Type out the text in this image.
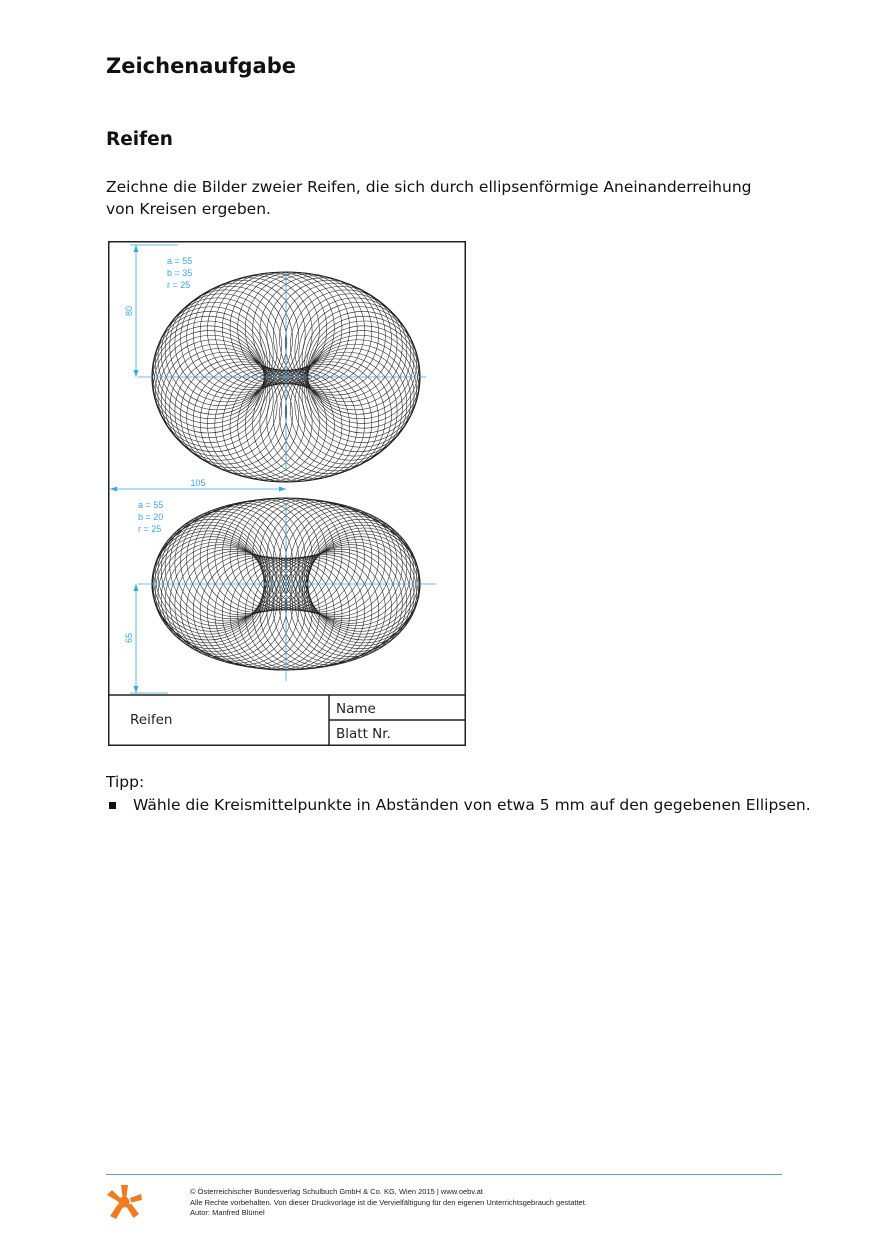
Zeichenaufgabe
Reifen

Zeichne die Bilder zweier Reifen, die sich durch ellipsenförmige Aneinanderreihung von Kreisen ergeben.

80
105
65
a = 55
b = 35
r = 25
a = 55
b = 20
r = 25
Reifen
Name
Blatt Nr.

Tipp:

Wähle die Kreismittelpunkte in Abständen von etwa 5 mm auf den gegebenen Ellipsen.
© Österreichischer Bundesverlag Schulbuch GmbH & Co. KG, Wien 2015 | www.oebv.at
Alle Rechte vorbehalten. Von dieser Druckvorlage ist die Vervielfältigung für den eigenen Unterrichtsgebrauch gestattet.
Autor: Manfred Blümel
